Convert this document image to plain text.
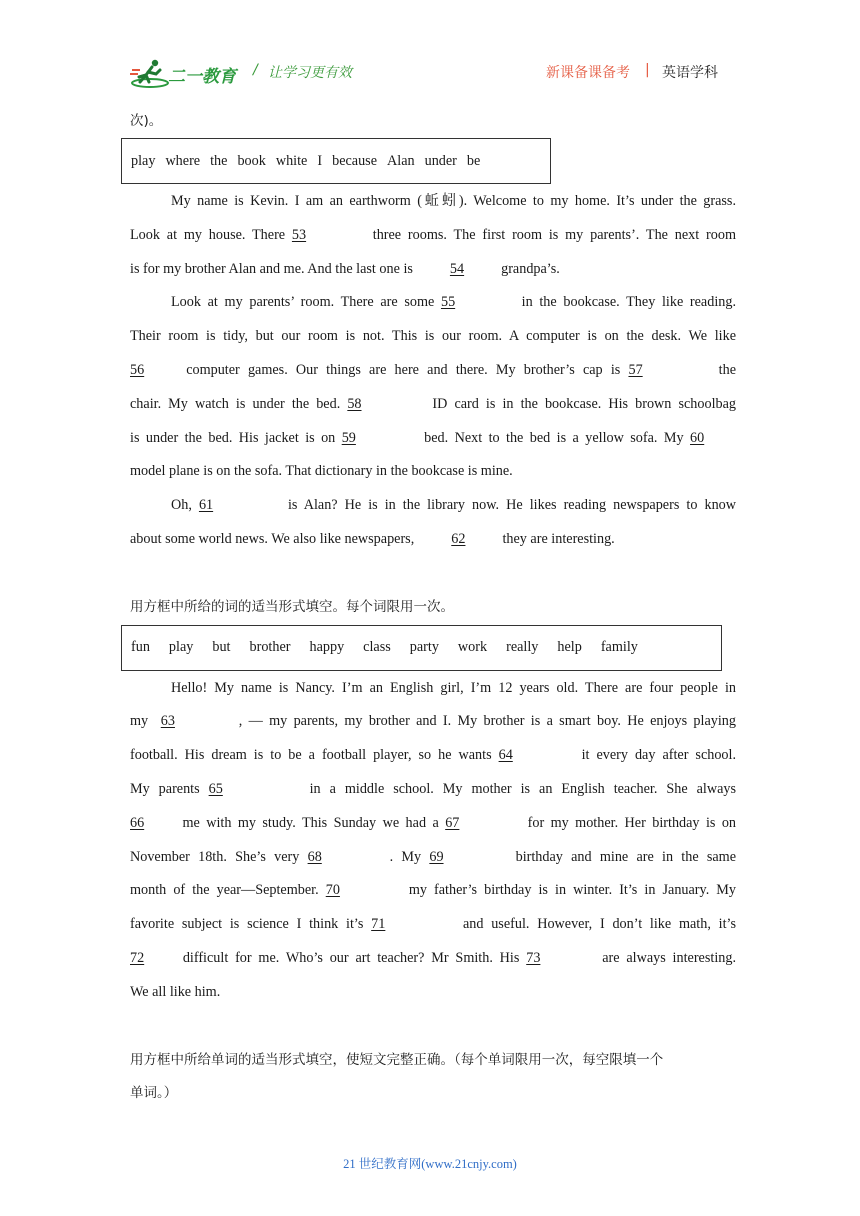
二一教育 / 让学习更有效	新课备课备考 | 英语学科
次)。
play where the book white I because Alan under be
My name is Kevin. I am an earthworm (蚯蚓). Welcome to my home. It’s under the grass.
Look at my house. There 53	three rooms. The first room is my parents’. The next room
is for my brother Alan and me. And the last one is	54	grandpa’s.
Look at my parents’ room. There are some 55	in the bookcase. They like reading.
Their room is tidy, but our room is not. This is our room. A computer is on the desk. We like
56	computer games. Our things are here and there. My brother’s cap is 57	the
chair. My watch is under the bed. 58	ID card is in the bookcase. His brown schoolbag
is under the bed. His jacket is on 59	bed. Next to the bed is a yellow sofa. My 60
model plane is on the sofa. That dictionary in the bookcase is mine.
Oh, 61	is Alan? He is in the library now. He likes reading newspapers to know
about some world news. We also like newspapers,	62	they are interesting.
用方框中所给的词的适当形式填空。每个词限用一次。
fun play but brother happy class party work really help family
Hello! My name is Nancy. I’m an English girl, I’m 12 years old. There are four people in
my 63	, — my parents, my brother and I. My brother is a smart boy. He enjoys playing
football. His dream is to be a football player, so he wants 64	it every day after school.
My parents 65	in a middle school. My mother is an English teacher. She always
66	me with my study. This Sunday we had a 67	for my mother. Her birthday is on
November 18th. She’s very 68	. My 69	birthday and mine are in the same
month of the year—September. 70	my father’s birthday is in winter. It’s in January. My
favorite subject is science I think it’s 71	and useful. However, I don’t like math, it’s
72	difficult for me. Who’s our art teacher? Mr Smith. His 73	are always interesting.
We all like him.
用方框中所给单词的适当形式填空，使短文完整正确。（每个单词限用一次，每空限填一个
单词。）
21 世纪教育网(www.21cnjy.com)
